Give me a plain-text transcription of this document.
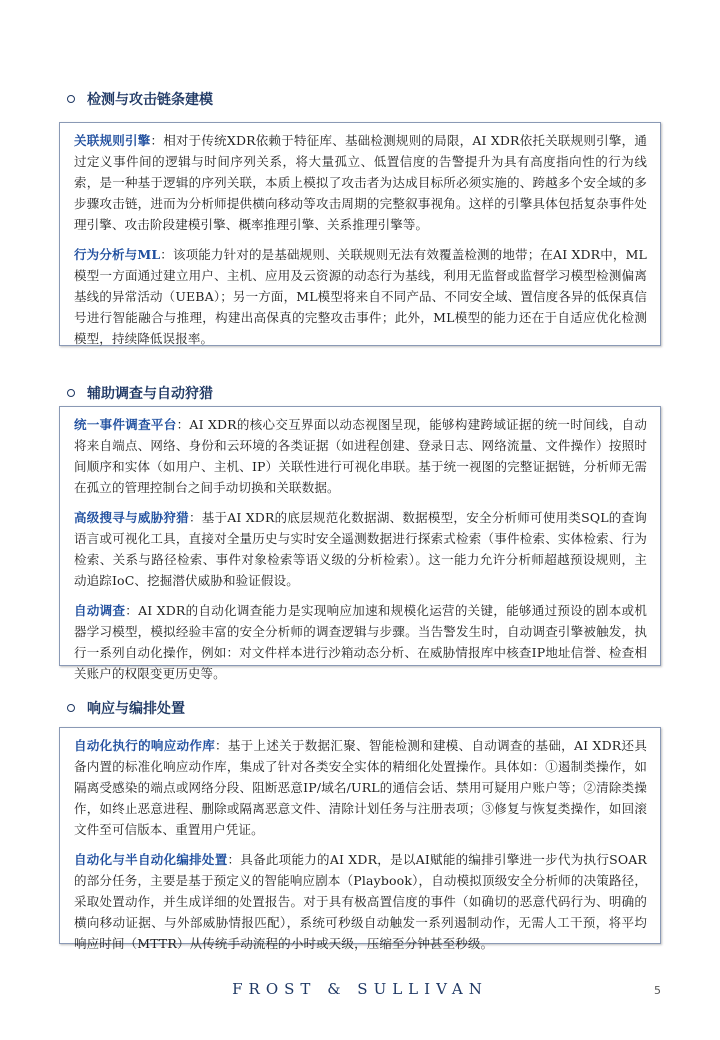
检测与攻击链条建模

关联规则引擎：相对于传统XDR依赖于特征库、基础检测规则的局限，AI XDR依托关联规则引擎，通过定义事件间的逻辑与时间序列关系，将大量孤立、低置信度的告警提升为具有高度指向性的行为线索，是一种基于逻辑的序列关联，本质上模拟了攻击者为达成目标所必须实施的、跨越多个安全域的多步骤攻击链，进而为分析师提供横向移动等攻击周期的完整叙事视角。这样的引擎具体包括复杂事件处理引擎、攻击阶段建模引擎、概率推理引擎、关系推理引擎等。

行为分析与ML：该项能力针对的是基础规则、关联规则无法有效覆盖检测的地带；在AI XDR中，ML模型一方面通过建立用户、主机、应用及云资源的动态行为基线，利用无监督或监督学习模型检测偏离基线的异常活动（UEBA）；另一方面，ML模型将来自不同产品、不同安全域、置信度各异的低保真信号进行智能融合与推理，构建出高保真的完整攻击事件；此外，ML模型的能力还在于自适应优化检测模型，持续降低误报率。

辅助调查与自动狩猎

统一事件调查平台：AI XDR的核心交互界面以动态视图呈现，能够构建跨域证据的统一时间线，自动将来自端点、网络、身份和云环境的各类证据（如进程创建、登录日志、网络流量、文件操作）按照时间顺序和实体（如用户、主机、IP）关联性进行可视化串联。基于统一视图的完整证据链，分析师无需在孤立的管理控制台之间手动切换和关联数据。

高级搜寻与威胁狩猎：基于AI XDR的底层规范化数据湖、数据模型，安全分析师可使用类SQL的查询语言或可视化工具，直接对全量历史与实时安全遥测数据进行探索式检索（事件检索、实体检索、行为检索、关系与路径检索、事件对象检索等语义级的分析检索）。这一能力允许分析师超越预设规则，主动追踪IoC、挖掘潜伏威胁和验证假设。

自动调查：AI XDR的自动化调查能力是实现响应加速和规模化运营的关键，能够通过预设的剧本或机器学习模型，模拟经验丰富的安全分析师的调查逻辑与步骤。当告警发生时，自动调查引擎被触发，执行一系列自动化操作，例如：对文件样本进行沙箱动态分析、在威胁情报库中核查IP地址信誉、检查相关账户的权限变更历史等。

响应与编排处置

自动化执行的响应动作库：基于上述关于数据汇聚、智能检测和建模、自动调查的基础，AI XDR还具备内置的标准化响应动作库，集成了针对各类安全实体的精细化处置操作。具体如：①遏制类操作，如隔离受感染的端点或网络分段、阻断恶意IP/域名/URL的通信会话、禁用可疑用户账户等；②清除类操作，如终止恶意进程、删除或隔离恶意文件、清除计划任务与注册表项；③修复与恢复类操作，如回滚文件至可信版本、重置用户凭证。

自动化与半自动化编排处置：具备此项能力的AI XDR，是以AI赋能的编排引擎进一步代为执行SOAR的部分任务，主要是基于预定义的智能响应剧本（Playbook），自动模拟顶级安全分析师的决策路径，采取处置动作，并生成详细的处置报告。对于具有极高置信度的事件（如确切的恶意代码行为、明确的横向移动证据、与外部威胁情报匹配），系统可秒级自动触发一系列遏制动作，无需人工干预，将平均响应时间（MTTR）从传统手动流程的小时或天级，压缩至分钟甚至秒级。

FROST & SULLIVAN	5
